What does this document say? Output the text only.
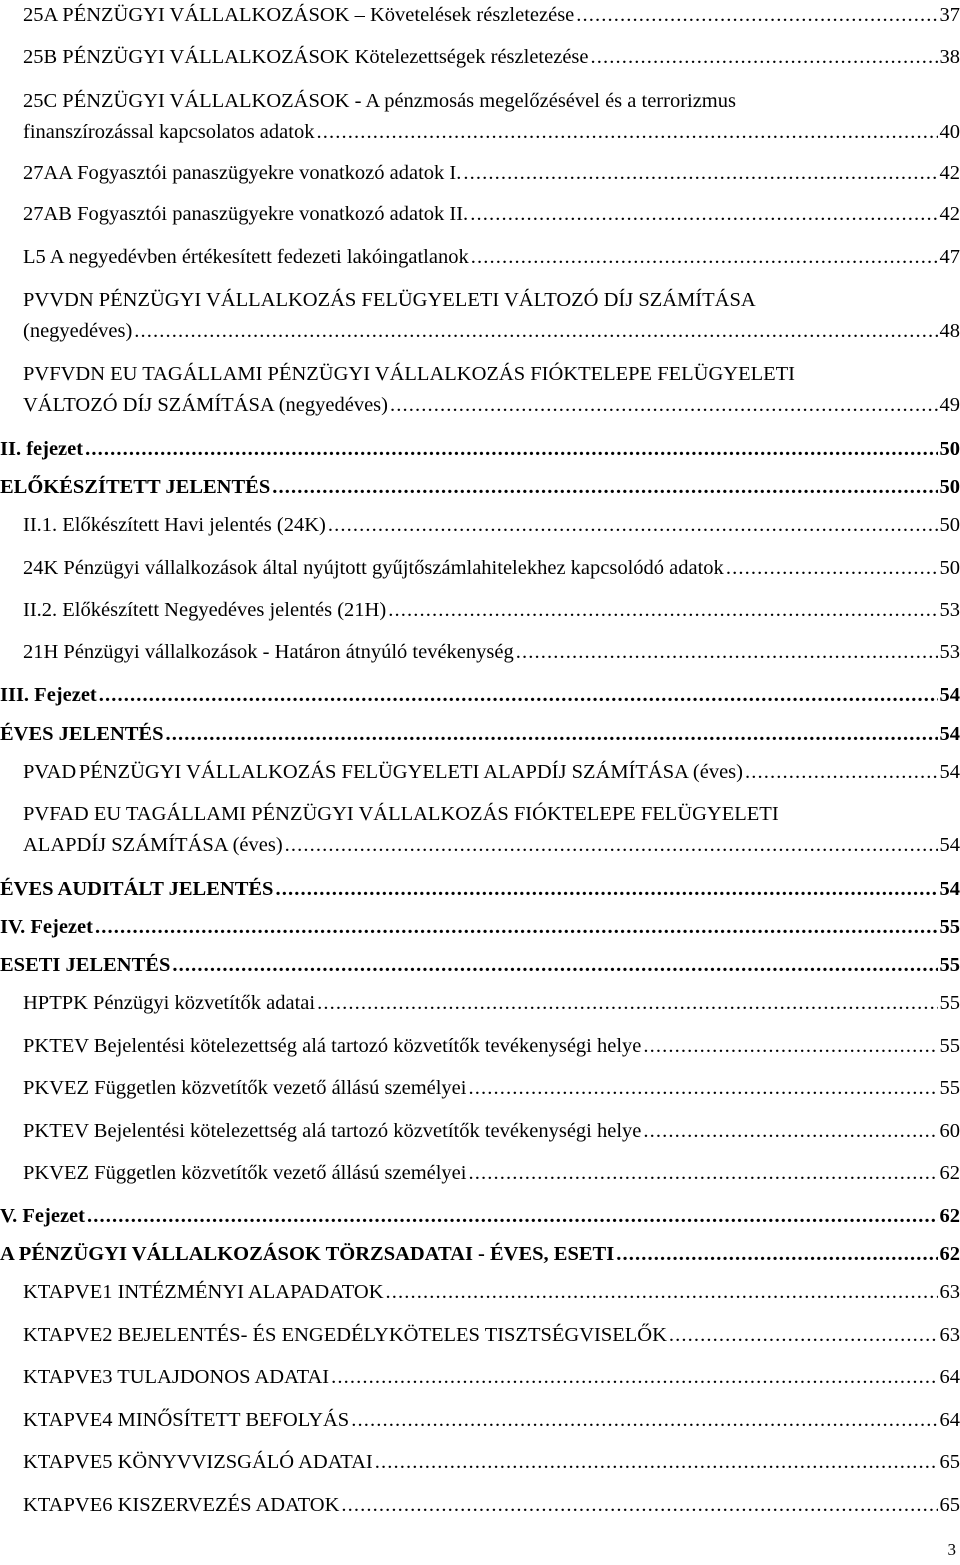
25A PÉNZÜGYI VÁLLALKOZÁSOK – Követelések részletezése . . .	37
25B PÉNZÜGYI VÁLLALKOZÁSOK Kötelezettségek részletezése . . .	38
25C PÉNZÜGYI VÁLLALKOZÁSOK - A pénzmosás megelőzésével és a terrorizmus
finanszírozással kapcsolatos adatok . . .	40
27AA Fogyasztói panaszügyekre vonatkozó adatok I. . . .	42
27AB Fogyasztói panaszügyekre vonatkozó adatok II. . . .	42
L5 A negyedévben értékesített fedezeti lakóingatlanok . . .	47
PVVDN PÉNZÜGYI VÁLLALKOZÁS FELÜGYELETI VÁLTOZÓ DÍJ SZÁMÍTÁSA
(negyedéves) . . .	48
PVFVDN EU TAGÁLLAMI PÉNZÜGYI VÁLLALKOZÁS FIÓKTELEPE FELÜGYELETI
VÁLTOZÓ DÍJ SZÁMÍTÁSA (negyedéves) . . .	49
II. fejezet . . .	50
ELŐKÉSZÍTETT JELENTÉS . . .	50
II.1. Előkészített Havi jelentés (24K) . . .	50
24K Pénzügyi vállalkozások által nyújtott gyűjtőszámlahitelekhez kapcsolódó adatok . . .	50
II.2. Előkészített Negyedéves jelentés (21H) . . .	53
21H Pénzügyi vállalkozások - Határon átnyúló tevékenység . . .	53
III. Fejezet . . .	54
ÉVES JELENTÉS . . .	54
PVAD PÉNZÜGYI VÁLLALKOZÁS FELÜGYELETI ALAPDÍJ SZÁMÍTÁSA (éves) . . .	54
PVFAD EU TAGÁLLAMI PÉNZÜGYI VÁLLALKOZÁS FIÓKTELEPE FELÜGYELETI
ALAPDÍJ SZÁMÍTÁSA (éves) . . .	54
ÉVES AUDITÁLT JELENTÉS . . .	54
IV. Fejezet . . .	55
ESETI JELENTÉS . . .	55
HPTPK Pénzügyi közvetítők adatai . . .	55
PKTEV Bejelentési kötelezettség alá tartozó közvetítők tevékenységi helye . . .	55
PKVEZ Független közvetítők vezető állású személyei . . .	55
PKTEV Bejelentési kötelezettség alá tartozó közvetítők tevékenységi helye . . .	60
PKVEZ Független közvetítők vezető állású személyei . . .	62
V. Fejezet . . .	62
A PÉNZÜGYI VÁLLALKOZÁSOK TÖRZSADATAI - ÉVES, ESETI . . .	62
KTAPVE1 INTÉZMÉNYI ALAPADATOK . . .	63
KTAPVE2 BEJELENTÉS- ÉS ENGEDÉLYKÖTELES TISZTSÉGVISELŐK . . .	63
KTAPVE3 TULAJDONOS ADATAI . . .	64
KTAPVE4 MINŐSÍTETT BEFOLYÁS . . .	64
KTAPVE5 KÖNYVVIZSGÁLÓ ADATAI . . .	65
KTAPVE6 KISZERVEZÉS ADATOK . . .	65
3
